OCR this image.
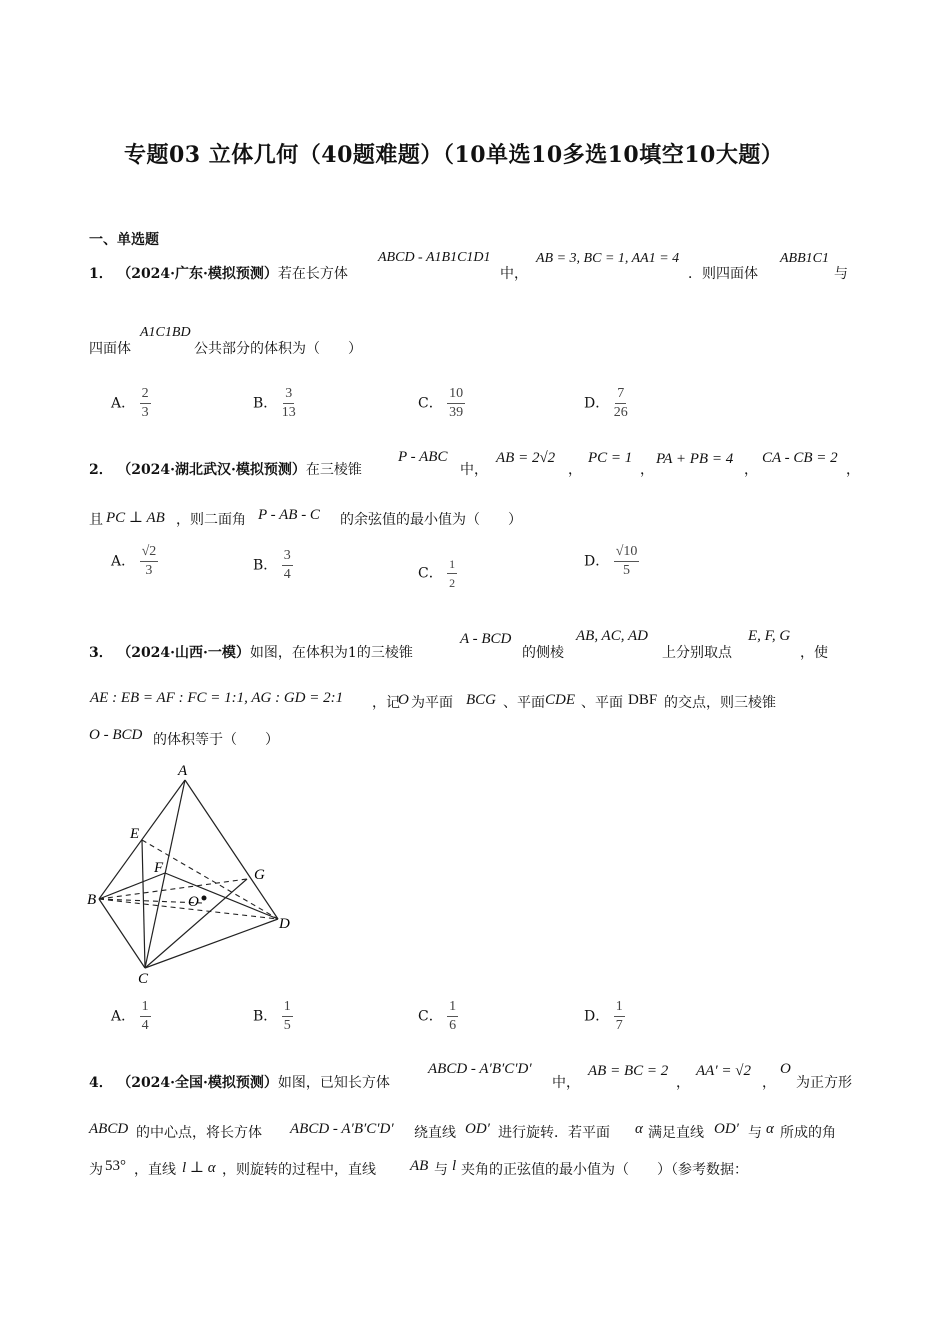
专题03 立体几何（40题难题）（10单选10多选10填空10大题）
一、单选题
1． （2024·广东·模拟预测）若在长方体
ABCD - A1B1C1D1
中，
AB = 3, BC = 1, AA1 = 4
．则四面体
ABB1C1
与
四面体
A1C1BD
公共部分的体积为（　　）
A． $\frac{2}{3}$	B． $\frac{3}{13}$	C． $\frac{10}{39}$	D． $\frac{7}{26}$
2． （2024·湖北武汉·模拟预测）在三棱锥
P - ABC
中，
AB = 2√2
，
PC = 1
，
PA + PB = 4
，
CA - CB = 2
，
且 PC ⊥ AB ，则二面角 P - AB - C 的余弦值的最小值为（　　）
A． $\frac{√2}{3}$	B． $\frac{3}{4}$	C． $\frac{1}{2}$	D． $\frac{√10}{5}$
3． （2024·山西·一模）如图，在体积为1的三棱锥
A - BCD
的侧棱
AB, AC, AD
上分别取点
E, F, G
，使
AE : EB = AF : FC = 1:1, AG : GD = 2:1 ，记
O 为平面 BCG 、平面 CDE 、平面 DBF 的交点，则三棱锥
O - BCD 的体积等于（　　）
A
B
C
D
E
F	G
O
A． $\frac{1}{4}$	B． $\frac{1}{5}$	C． $\frac{1}{6}$	D． $\frac{1}{7}$
4． （2024·全国·模拟预测）如图，已知长方体
ABCD - A′B′C′D′
中，
AB = BC = 2
，
AA′ = √2
，
O
为正方形
ABCD 的中心点，将长方体 ABCD - A′B′C′D′ 绕直线 OD′ 进行旋转．若平面 α 满足直线 OD′ 与 α 所成的角
为 53° ，直线 l ⊥ α ，则旋转的过程中，直线 AB 与 l 夹角的正弦值的最小值为（　　）（参考数据：
